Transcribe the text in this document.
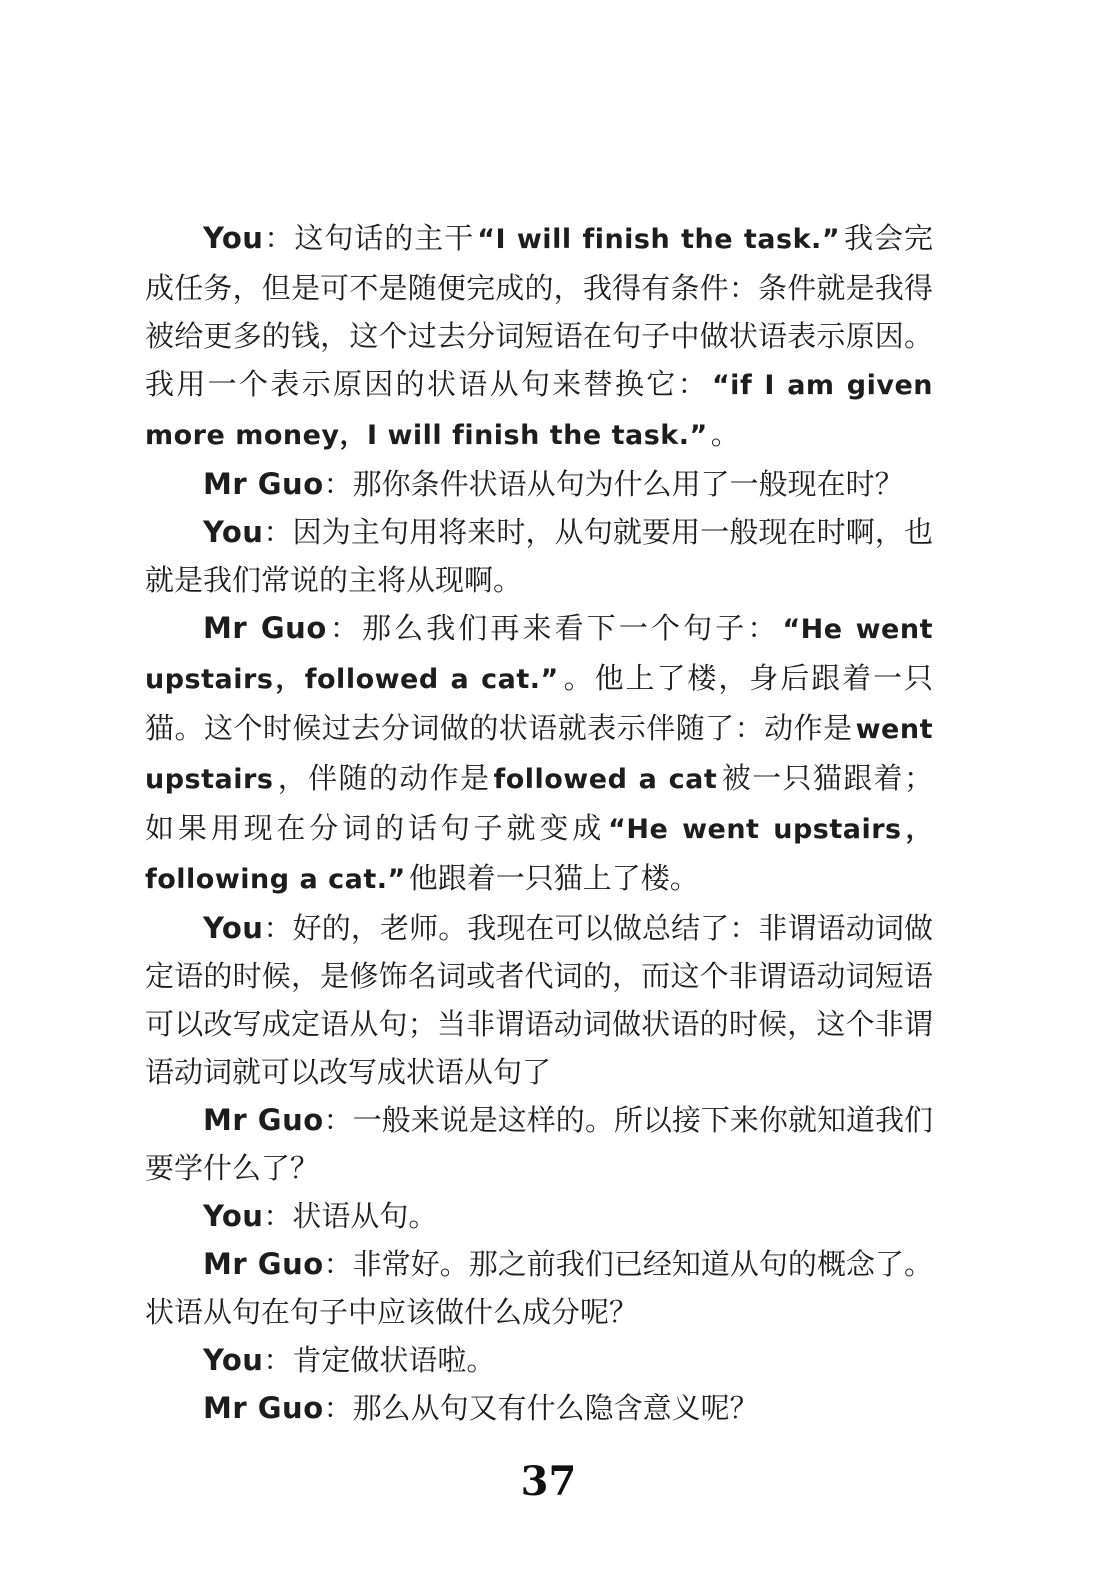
You：这句话的主干 “I will finish the task.” 我会完成任务，但是可不是随便完成的，我得有条件：条件就是我得被给更多的钱，这个过去分词短语在句子中做状语表示原因。我用一个表示原因的状语从句来替换它： “if I am given more money，I will finish the task.” 。

Mr Guo：那你条件状语从句为什么用了一般现在时？

You：因为主句用将来时，从句就要用一般现在时啊，也就是我们常说的主将从现啊。

Mr Guo：那么我们再来看下一个句子： “He went upstairs，followed a cat.” 。他上了楼，身后跟着一只猫。这个时候过去分词做的状语就表示伴随了：动作是 went upstairs ，伴随的动作是 followed a cat 被一只猫跟着；如果用现在分词的话句子就变成 “He went upstairs，following a cat.” 他跟着一只猫上了楼。

You：好的，老师。我现在可以做总结了：非谓语动词做定语的时候，是修饰名词或者代词的，而这个非谓语动词短语可以改写成定语从句；当非谓语动词做状语的时候，这个非谓语动词就可以改写成状语从句了

Mr Guo：一般来说是这样的。所以接下来你就知道我们要学什么了？

You：状语从句。

Mr Guo：非常好。那之前我们已经知道从句的概念了。状语从句在句子中应该做什么成分呢？

You：肯定做状语啦。

Mr Guo：那么从句又有什么隐含意义呢？

37
